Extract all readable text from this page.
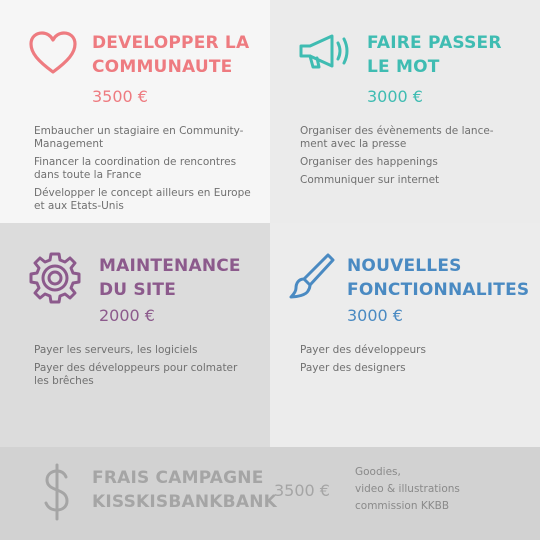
DEVELOPPER LA
COMMUNAUTE
3500 €
Embaucher un stagiaire en Community-Management
Financer la coordination de rencontres dans toute la France
Développer le concept ailleurs en Europe et aux Etats-Unis
FAIRE PASSER
LE MOT
3000 €
Organiser des évènements de lance-ment avec la presse
Organiser des happenings
Communiquer sur internet
MAINTENANCE
DU SITE
2000 €
Payer les serveurs, les logiciels
Payer des développeurs pour colmater les brêches
NOUVELLES
FONCTIONNALITES
3000 €
Payer des développeurs
Payer des designers
FRAIS CAMPAGNE
KISSKISBANKBANK
3500 €
Goodies,
video & illustrations
commission KKBB
